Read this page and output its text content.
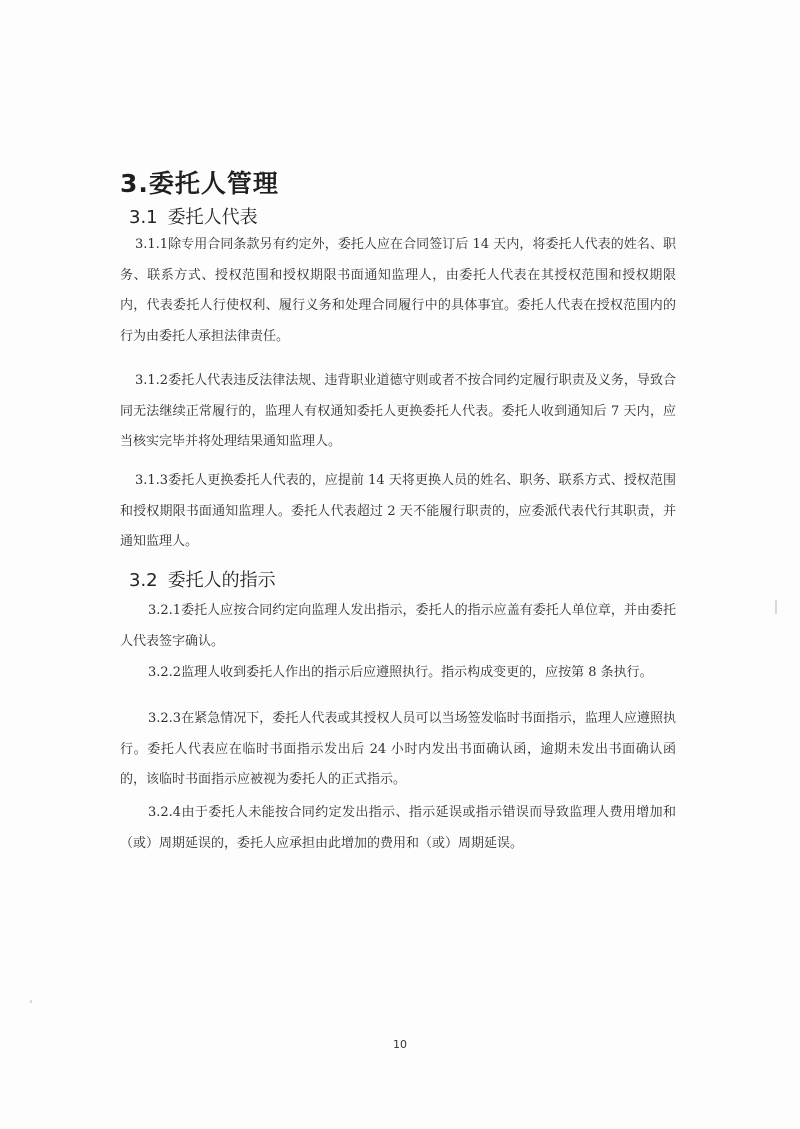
3.委托人管理
3.1 委托人代表

3.1.1除专用合同条款另有约定外，委托人应在合同签订后 14 天内，将委托人代表的姓名、职务、联系方式、授权范围和授权期限书面通知监理人，由委托人代表在其授权范围和授权期限内，代表委托人行使权利、履行义务和处理合同履行中的具体事宜。委托人代表在授权范围内的行为由委托人承担法律责任。

3.1.2委托人代表违反法律法规、违背职业道德守则或者不按合同约定履行职责及义务，导致合同无法继续正常履行的，监理人有权通知委托人更换委托人代表。委托人收到通知后 7 天内，应当核实完毕并将处理结果通知监理人。

3.1.3委托人更换委托人代表的，应提前 14 天将更换人员的姓名、职务、联系方式、授权范围和授权期限书面通知监理人。委托人代表超过 2 天不能履行职责的，应委派代表代行其职责，并通知监理人。

3.2 委托人的指示

3.2.1委托人应按合同约定向监理人发出指示，委托人的指示应盖有委托人单位章，并由委托人代表签字确认。

3.2.2监理人收到委托人作出的指示后应遵照执行。指示构成变更的，应按第 8 条执行。

3.2.3在紧急情况下，委托人代表或其授权人员可以当场签发临时书面指示，监理人应遵照执行。委托人代表应在临时书面指示发出后 24 小时内发出书面确认函，逾期未发出书面确认函的，该临时书面指示应被视为委托人的正式指示。

3.2.4由于委托人未能按合同约定发出指示、指示延误或指示错误而导致监理人费用增加和（或）周期延误的，委托人应承担由此增加的费用和（或）周期延误。

10
